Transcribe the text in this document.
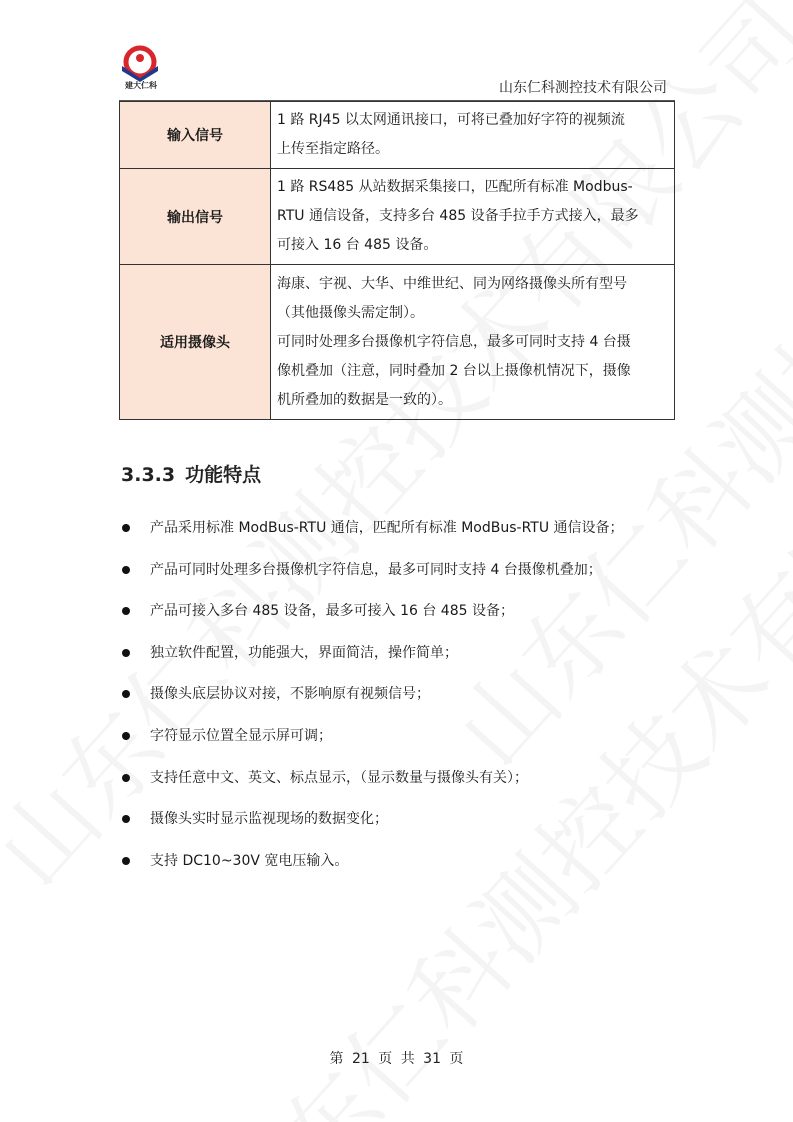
建大仁科	山东仁科测控技术有限公司
输入信号	1 路 RJ45 以太网通讯接口，可将已叠加好字符的视频流
上传至指定路径。

输出信号	1 路 RS485 从站数据采集接口，匹配所有标准 Modbus-
RTU 通信设备，支持多台 485 设备手拉手方式接入，最多
可接入 16 台 485 设备。

适用摄像头	海康、宇视、大华、中维世纪、同为网络摄像头所有型号
（其他摄像头需定制）。
可同时处理多台摄像机字符信息，最多可同时支持 4 台摄
像机叠加（注意，同时叠加 2 台以上摄像机情况下，摄像
机所叠加的数据是一致的）。
3.3.3 功能特点
产品采用标准 ModBus-RTU 通信，匹配所有标准 ModBus-RTU 通信设备；
产品可同时处理多台摄像机字符信息，最多可同时支持 4 台摄像机叠加；
产品可接入多台 485 设备，最多可接入 16 台 485 设备；
独立软件配置，功能强大，界面简洁，操作简单；
摄像头底层协议对接，不影响原有视频信号；
字符显示位置全显示屏可调；
支持任意中文、英文、标点显示，（显示数量与摄像头有关）；
摄像头实时显示监视现场的数据变化；
支持 DC10~30V 宽电压输入。
第 21 页 共 31 页
